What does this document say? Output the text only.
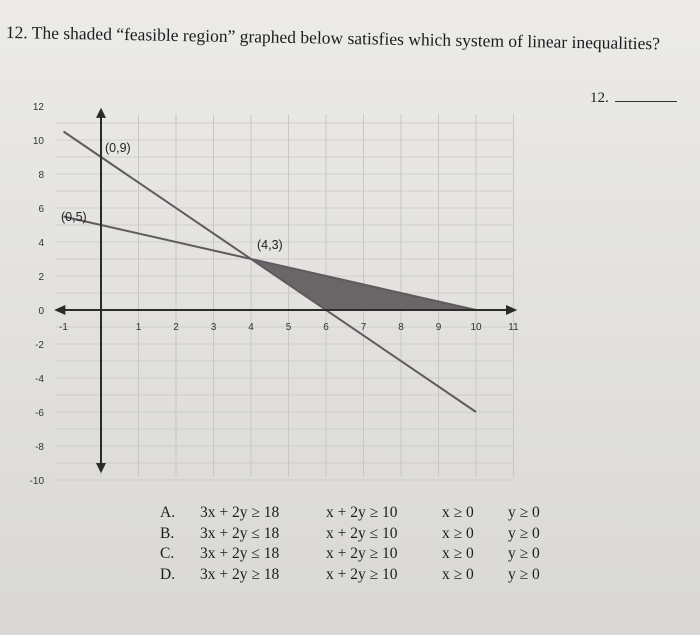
12. The shaded “feasible region” graphed below satisfies which system of linear inequalities?
12.
-1	1	2	3	4	5	6	7	8	9	10	11
12
10
8
6
4
2
0
-2
-4
-6
-8
-10
(0,9)
(0,5)
(4,3)
A.	3x + 2y ≥ 18	x + 2y ≥ 10	x ≥ 0	y ≥ 0
B.	3x + 2y ≤ 18	x + 2y ≤ 10	x ≥ 0	y ≥ 0
C.	3x + 2y ≤ 18	x + 2y ≥ 10	x ≥ 0	y ≥ 0
D.	3x + 2y ≥ 18	x + 2y ≥ 10	x ≥ 0	y ≥ 0
